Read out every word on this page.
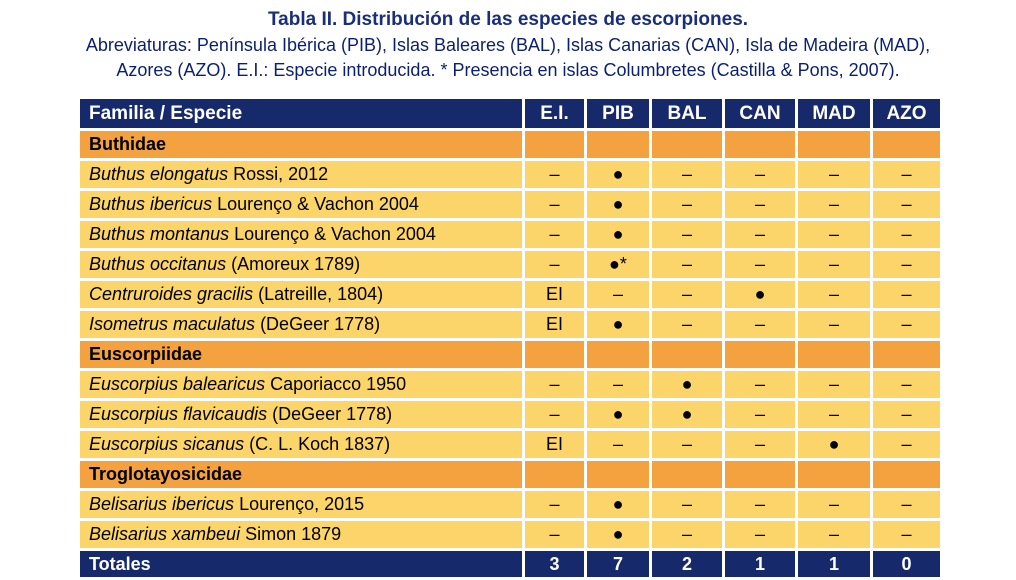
Tabla II. Distribución de las especies de escorpiones.
Abreviaturas: Península Ibérica (PIB), Islas Baleares (BAL), Islas Canarias (CAN), Isla de Madeira (MAD),
Azores (AZO). E.I.: Especie introducida. * Presencia en islas Columbretes (Castilla & Pons, 2007).
Familia / Especie	E.I.	PIB	BAL	CAN	MAD	AZO
Buthidae						
Buthus elongatus Rossi, 2012	–	●	–	–	–	–
Buthus ibericus Lourenço & Vachon 2004	–	●	–	–	–	–
Buthus montanus Lourenço & Vachon 2004	–	●	–	–	–	–
Buthus occitanus (Amoreux 1789)	–	●*	–	–	–	–
Centruroides gracilis (Latreille, 1804)	EI	–	–	●	–	–
Isometrus maculatus (DeGeer 1778)	EI	●	–	–	–	–
Euscorpiidae						
Euscorpius balearicus Caporiacco 1950	–	–	●	–	–	–
Euscorpius flavicaudis (DeGeer 1778)	–	●	●	–	–	–
Euscorpius sicanus (C. L. Koch 1837)	EI	–	–	–	●	–
Troglotayosicidae						
Belisarius ibericus Lourenço, 2015	–	●	–	–	–	–
Belisarius xambeui Simon 1879	–	●	–	–	–	–
Totales	3	7	2	1	1	0
